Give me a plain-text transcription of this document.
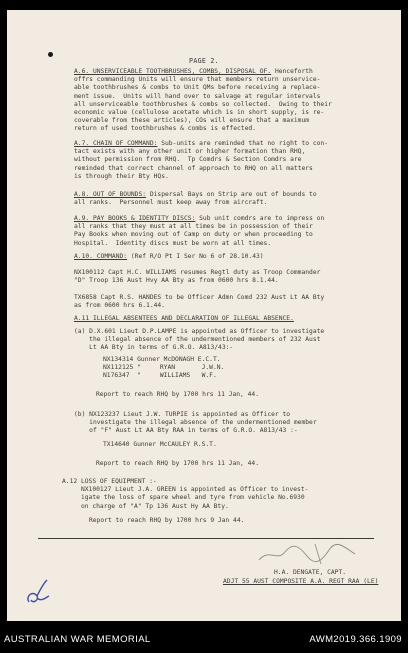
PAGE 2.
A.6. UNSERVICEABLE TOOTHBRUSHES, COMBS, DISPOSAL OF. Henceforth
offrs commanding Units will ensure that members return unservice-
able toothbrushes & combs to Unit QMs before receiving a replace-
ment issue.  Units will hand over to salvage at regular intervals
all unserviceable toothbrushes & combs so collected.  Owing to their
economic value (cellulose acetate which is in short supply, is re-
coverable from these articles), COs will ensure that a maximum
return of used toothbrushes & combs is effected.
A.7. CHAIN OF COMMAND: Sub-units are reminded that no right to con-
tact exists with any other unit or higher formation than RHQ,
without permission from RHQ.  Tp Comdrs & Section Comdrs are
reminded that correct channel of approach to RHQ on all matters
is through their Bty HQs.
A.8. OUT OF BOUNDS: Dispersal Bays on Strip are out of bounds to
all ranks.  Personnel must keep away from aircraft.
A.9. PAY BOOKS & IDENTITY DISCS: Sub unit comdrs are to impress on
all ranks that they must at all times be in possession of their
Pay Books when moving out of Camp on duty or when proceeding to
Hospital.  Identity discs must be worn at all times.
A.10. COMMAND: (Ref R/O Pt I Ser No 6 of 28.10.43)
NX100112 Capt H.C. WILLIAMS resumes Regtl duty as Troop Commander
"D" Troop 136 Aust Hvy AA Bty as from 0600 hrs 8.1.44.
TX6858 Capt R.S. HANDES to be Officer Admn Comd 232 Aust Lt AA Bty
as from 0600 hrs 6.1.44.
A.11 ILLEGAL ABSENTEES AND DECLARATION OF ILLEGAL ABSENCE.
(a) D.X.601 Lieut D.P.LAMPE is appointed as Officer to investigate
the illegal absence of the undermentioned members of 232 Aust
Lt AA Bty in terms of G.R.O. A813/43:-
NX134314 Gunner McDONAGH E.C.T.
NX112125 "     RYAN       J.W.N.
N176347  "     WILLIAMS   W.F.
Report to reach RHQ by 1700 hrs 11 Jan, 44.
(b) NX123237 Lieut J.W. TURPIE is appointed as Officer to
investigate the illegal absence of the undermentioned member
of "F" Aust Lt AA Bty RAA in terms of G.R.O. A813/43 :-
TX14640 Gunner McCAULEY R.S.T.
Report to reach RHQ by 1700 hrs 11 Jan, 44.
A.12 LOSS OF EQUIPMENT :-
NX100127 Lieut J.A. GREEN is appointed as Officer to invest-
igate the loss of spare wheel and tyre from vehicle No.6930
on charge of "A" Tp 136 Aust Hy AA Bty.
Report to reach RHQ by 1700 hrs 9 Jan 44.
H.A. DENGATE, CAPT.
ADJT 55 AUST COMPOSITE A.A. REGT RAA (LE)
AUSTRALIAN WAR MEMORIAL	AWM2019.366.1909
